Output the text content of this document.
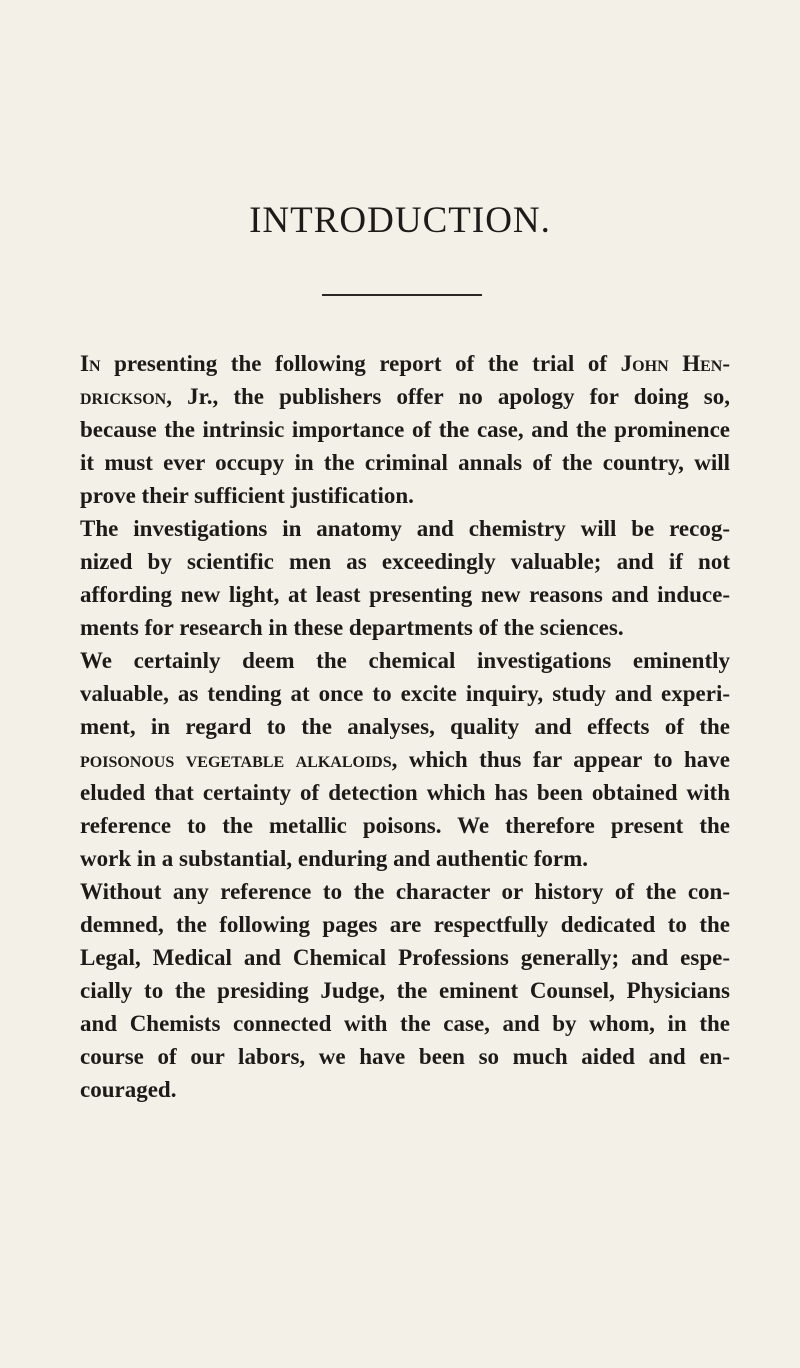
INTRODUCTION.
In presenting the following report of the trial of John Hen-
drickson, Jr., the publishers offer no apology for doing so,
because the intrinsic importance of the case, and the prominence
it must ever occupy in the criminal annals of the country, will
prove their sufficient justification.
The investigations in anatomy and chemistry will be recog-
nized by scientific men as exceedingly valuable; and if not
affording new light, at least presenting new reasons and induce-
ments for research in these departments of the sciences.
We certainly deem the chemical investigations eminently
valuable, as tending at once to excite inquiry, study and experi-
ment, in regard to the analyses, quality and effects of the
poisonous vegetable alkaloids, which thus far appear to have
eluded that certainty of detection which has been obtained with
reference to the metallic poisons. We therefore present the
work in a substantial, enduring and authentic form.
Without any reference to the character or history of the con-
demned, the following pages are respectfully dedicated to the
Legal, Medical and Chemical Professions generally; and espe-
cially to the presiding Judge, the eminent Counsel, Physicians
and Chemists connected with the case, and by whom, in the
course of our labors, we have been so much aided and en-
couraged.
